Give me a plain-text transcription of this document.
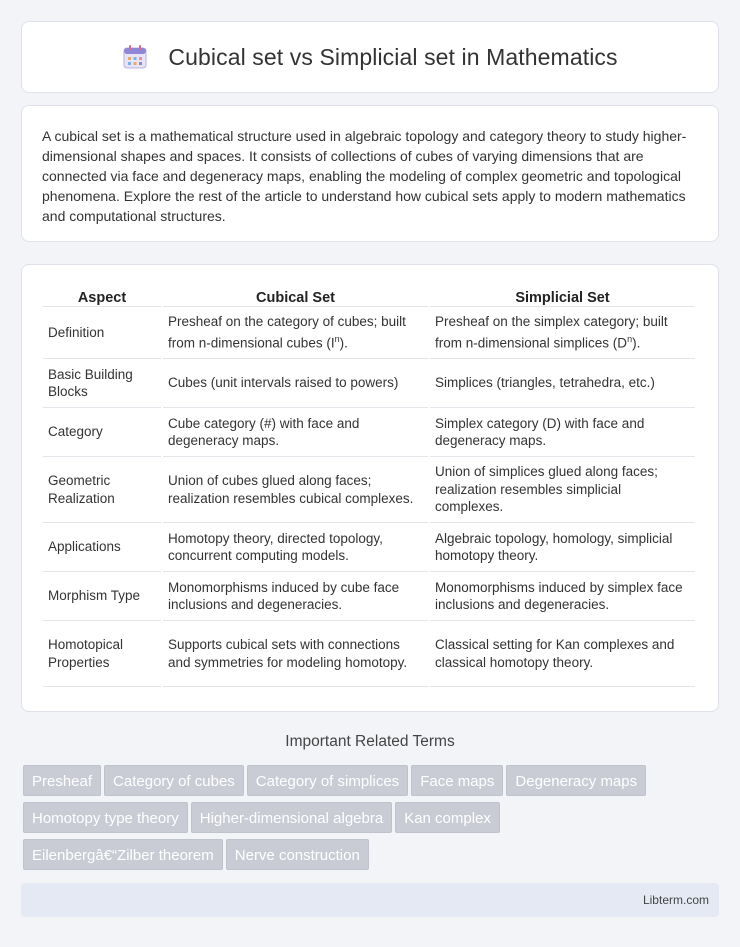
Cubical set vs Simplicial set in Mathematics

A cubical set is a mathematical structure used in algebraic topology and category theory to study higher-dimensional shapes and spaces. It consists of collections of cubes of varying dimensions that are connected via face and degeneracy maps, enabling the modeling of complex geometric and topological phenomena. Explore the rest of the article to understand how cubical sets apply to modern mathematics and computational structures.

Aspect	Cubical Set	Simplicial Set
Definition	Presheaf on the category of cubes; built from n-dimensional cubes $(I^n)$.	Presheaf on the simplex category; built from n-dimensional simplices $(D^n)$.
Basic Building Blocks	Cubes (unit intervals raised to powers)	Simplices (triangles, tetrahedra, etc.)
Category	Cube category (#) with face and degeneracy maps.	Simplex category (D) with face and degeneracy maps.
Geometric Realization	Union of cubes glued along faces; realization resembles cubical complexes.	Union of simplices glued along faces; realization resembles simplicial complexes.
Applications	Homotopy theory, directed topology, concurrent computing models.	Algebraic topology, homology, simplicial homotopy theory.
Morphism Type	Monomorphisms induced by cube face inclusions and degeneracies.	Monomorphisms induced by simplex face inclusions and degeneracies.
Homotopical Properties	Supports cubical sets with connections and symmetries for modeling homotopy.	Classical setting for Kan complexes and classical homotopy theory.
Important Related Terms
Presheaf Category of cubes Category of simplices Face maps Degeneracy maps
Homotopy type theory Higher-dimensional algebra Kan complex
Eilenbergâ€“Zilber theorem Nerve construction
Libterm.com
